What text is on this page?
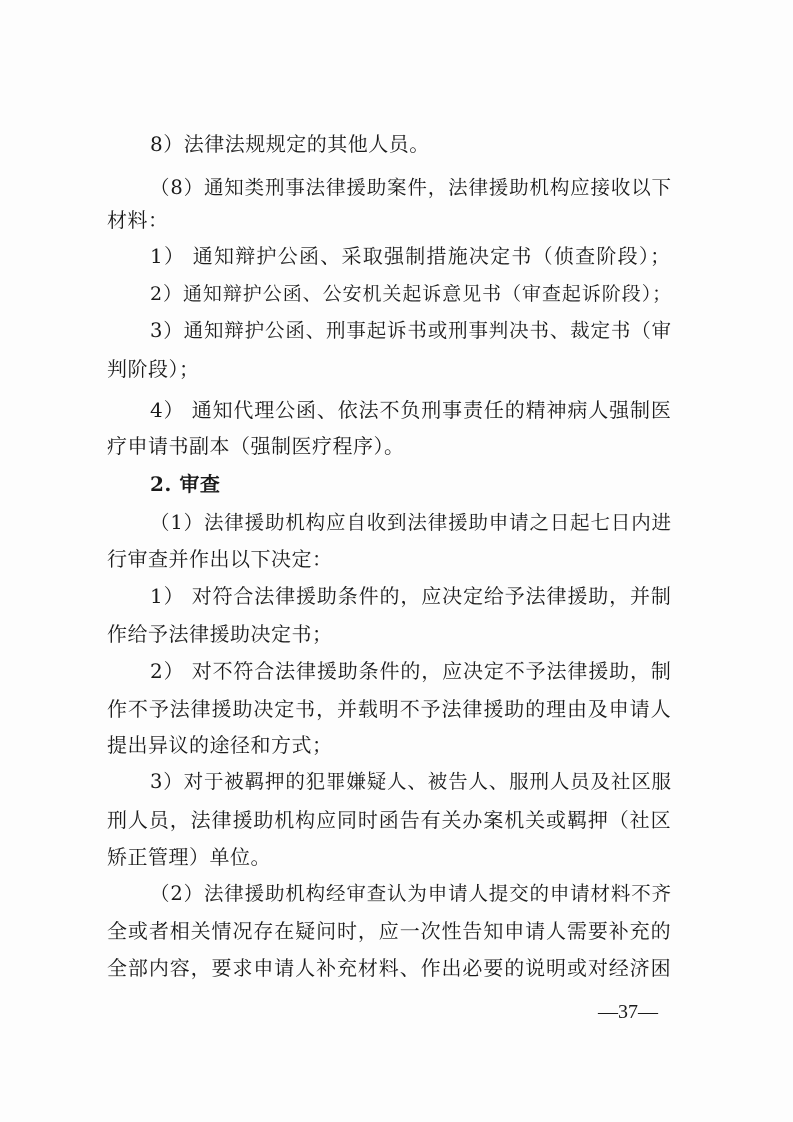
8）法律法规规定的其他人员。
（8）通知类刑事法律援助案件，法律援助机构应接收以下
材料：
1） 通知辩护公函、采取强制措施决定书（侦查阶段）；
2）通知辩护公函、公安机关起诉意见书（审查起诉阶段）；
3）通知辩护公函、刑事起诉书或刑事判决书、裁定书（审
判阶段）；
4） 通知代理公函、依法不负刑事责任的精神病人强制医
疗申请书副本（强制医疗程序）。
2. 审查
（1）法律援助机构应自收到法律援助申请之日起七日内进
行审查并作出以下决定：
1） 对符合法律援助条件的，应决定给予法律援助，并制
作给予法律援助决定书；
2） 对不符合法律援助条件的，应决定不予法律援助，制
作不予法律援助决定书，并载明不予法律援助的理由及申请人
提出异议的途径和方式；
3）对于被羁押的犯罪嫌疑人、被告人、服刑人员及社区服
刑人员，法律援助机构应同时函告有关办案机关或羁押（社区
矫正管理）单位。
（2）法律援助机构经审查认为申请人提交的申请材料不齐
全或者相关情况存在疑问时，应一次性告知申请人需要补充的
全部内容，要求申请人补充材料、作出必要的说明或对经济困
—37—
